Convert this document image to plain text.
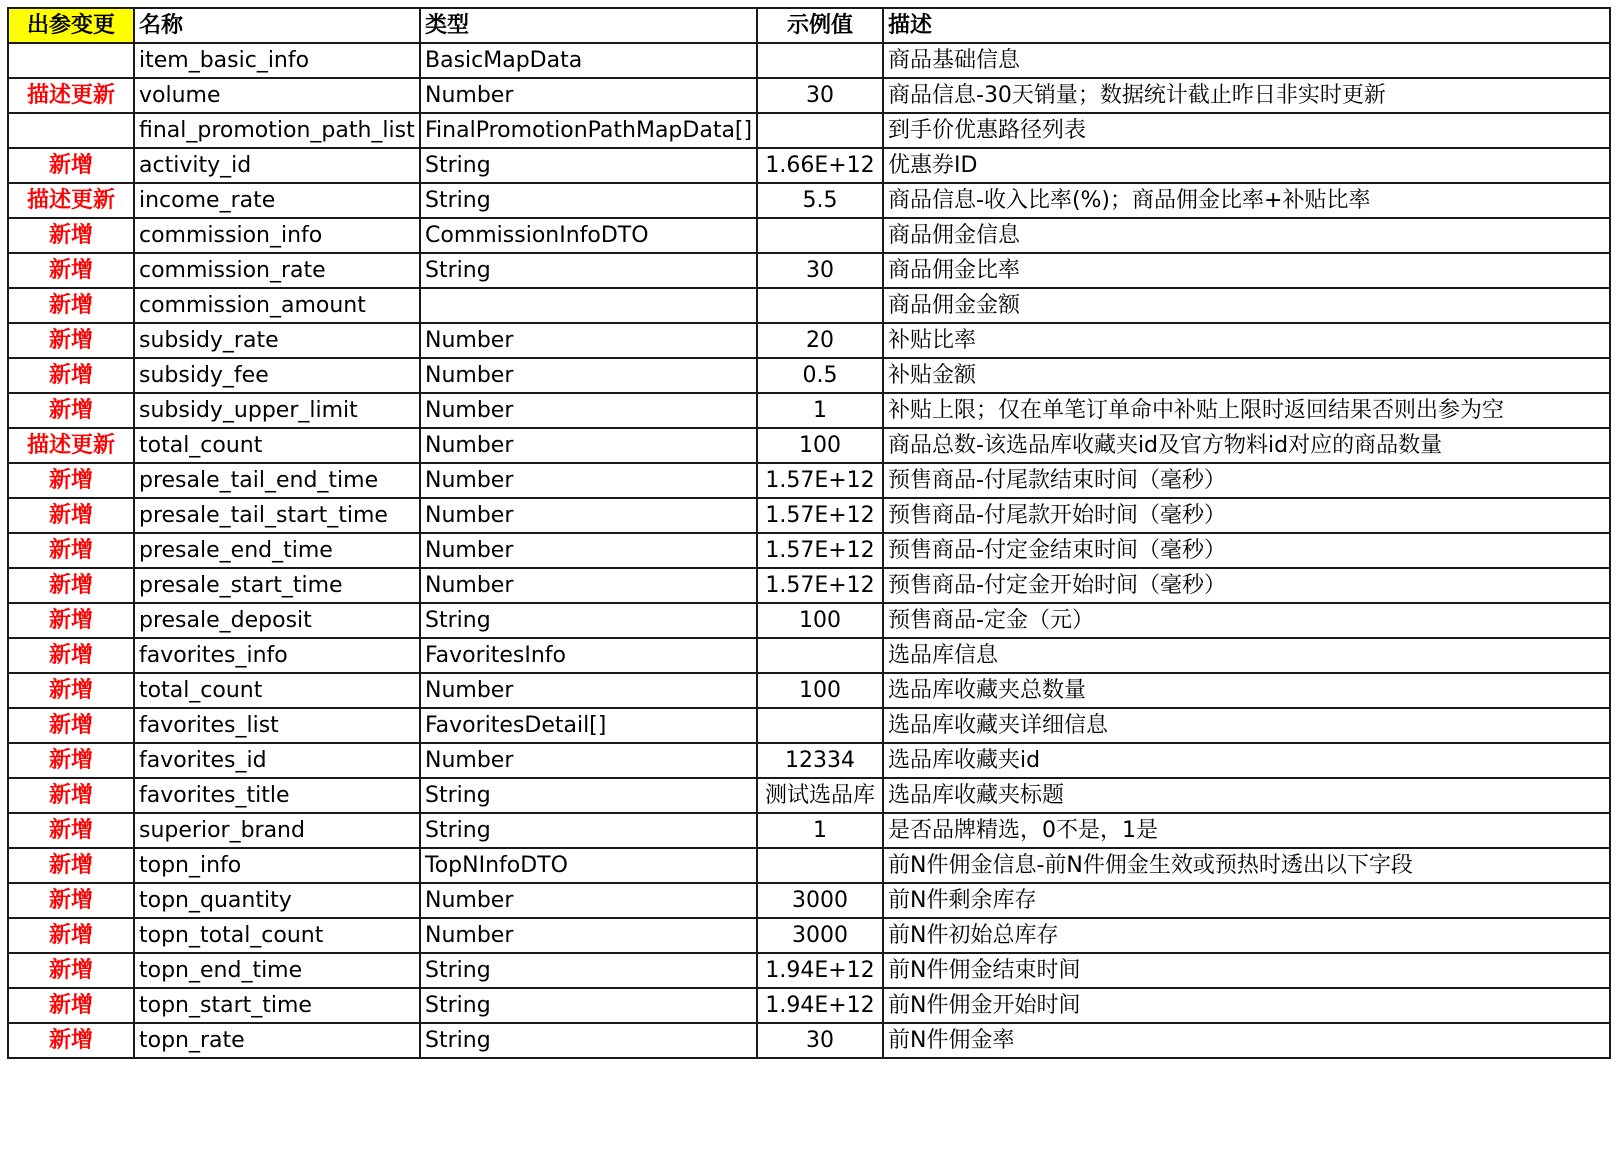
出参变更	名称	类型	示例值	描述
	item_basic_info	BasicMapData		商品基础信息
描述更新	volume	Number	30	商品信息-30天销量；数据统计截止昨日非实时更新
	final_promotion_path_list	FinalPromotionPathMapData[]		到手价优惠路径列表
新增	activity_id	String	1.66E+12	优惠券ID
描述更新	income_rate	String	5.5	商品信息-收入比率(%)；商品佣金比率+补贴比率
新增	commission_info	CommissionInfoDTO		商品佣金信息
新增	commission_rate	String	30	商品佣金比率
新增	commission_amount			商品佣金金额
新增	subsidy_rate	Number	20	补贴比率
新增	subsidy_fee	Number	0.5	补贴金额
新增	subsidy_upper_limit	Number	1	补贴上限；仅在单笔订单命中补贴上限时返回结果否则出参为空
描述更新	total_count	Number	100	商品总数-该选品库收藏夹id及官方物料id对应的商品数量
新增	presale_tail_end_time	Number	1.57E+12	预售商品-付尾款结束时间（毫秒）
新增	presale_tail_start_time	Number	1.57E+12	预售商品-付尾款开始时间（毫秒）
新增	presale_end_time	Number	1.57E+12	预售商品-付定金结束时间（毫秒）
新增	presale_start_time	Number	1.57E+12	预售商品-付定金开始时间（毫秒）
新增	presale_deposit	String	100	预售商品-定金（元）
新增	favorites_info	FavoritesInfo		选品库信息
新增	total_count	Number	100	选品库收藏夹总数量
新增	favorites_list	FavoritesDetail[]		选品库收藏夹详细信息
新增	favorites_id	Number	12334	选品库收藏夹id
新增	favorites_title	String	测试选品库	选品库收藏夹标题
新增	superior_brand	String	1	是否品牌精选，0不是，1是
新增	topn_info	TopNInfoDTO		前N件佣金信息-前N件佣金生效或预热时透出以下字段
新增	topn_quantity	Number	3000	前N件剩余库存
新增	topn_total_count	Number	3000	前N件初始总库存
新增	topn_end_time	String	1.94E+12	前N件佣金结束时间
新增	topn_start_time	String	1.94E+12	前N件佣金开始时间
新增	topn_rate	String	30	前N件佣金率
